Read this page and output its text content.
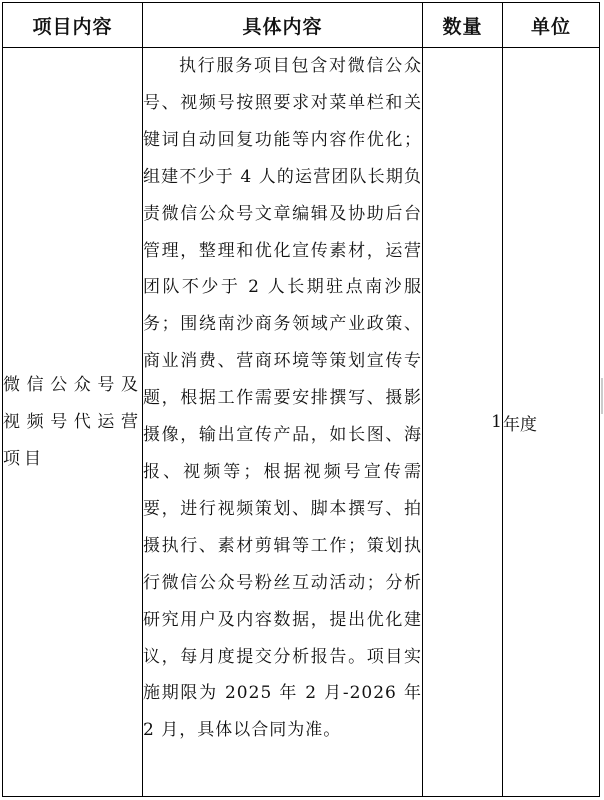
项目内容	具体内容	数量	单位
微信公众号及视频号代运营项目	执行服务项目包含对微信公众号、视频号按照要求对菜单栏和关键词自动回复功能等内容作优化；组建不少于 4 人的运营团队长期负责微信公众号文章编辑及协助后台管理，整理和优化宣传素材，运营团队不少于 2 人长期驻点南沙服务；围绕南沙商务领域产业政策、商业消费、营商环境等策划宣传专题，根据工作需要安排撰写、摄影摄像，输出宣传产品，如长图、海报、视频等；根据视频号宣传需要，进行视频策划、脚本撰写、拍摄执行、素材剪辑等工作；策划执行微信公众号粉丝互动活动；分析研究用户及内容数据，提出优化建议，每月度提交分析报告。项目实施期限为 2025 年 2 月-2026 年 2 月，具体以合同为准。	1	年度
